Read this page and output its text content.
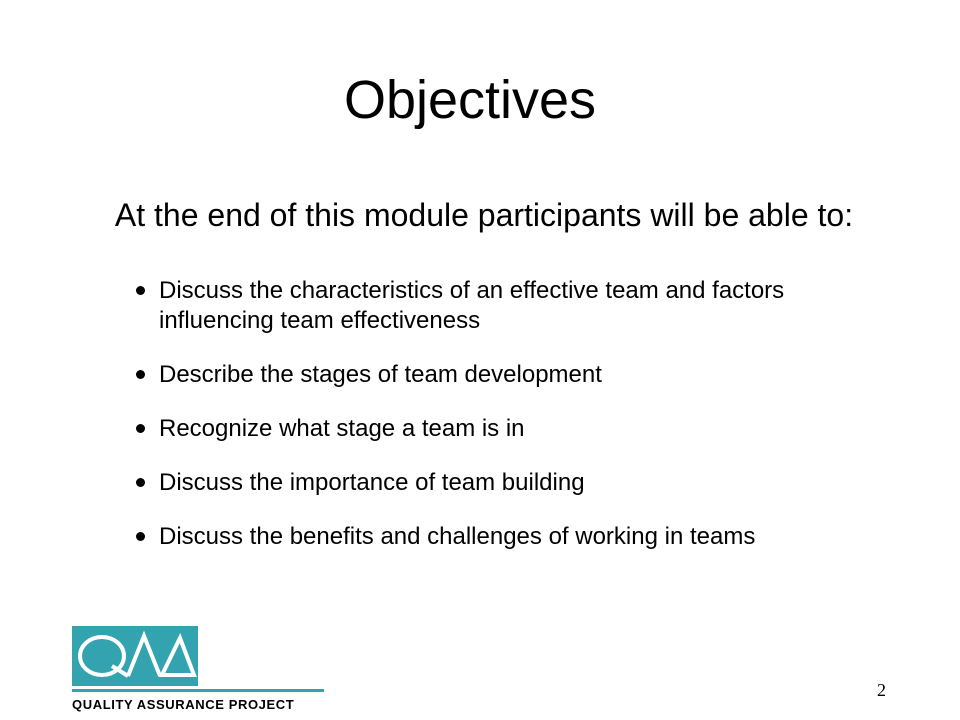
Objectives

At the end of this module participants will be able to:

Discuss the characteristics of an effective team and factors influencing team effectiveness
Describe the stages of team development
Recognize what stage a team is in
Discuss the importance of team building
Discuss the benefits and challenges of working in teams

QUALITY ASSURANCE PROJECT

2
